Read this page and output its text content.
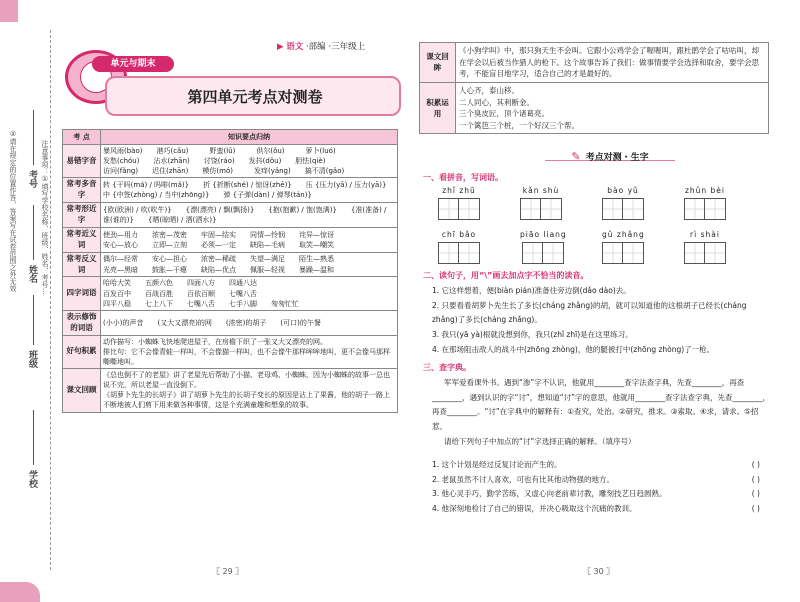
学校
班级
姓名
考号 注意事项：①填写学校名称、班级、姓名、考号…
②请在规定的位置作答，答案写在试卷范围之外无效
单元与期末
▶ 语文 ·部编 ·三年级上
第四单元考点对测卷
考 点	知识要点归纳
易错字音	暴风雨(bào)　　港巧(cǎu)　　　野蛮(lǔ)　　　供尔(ǒu)　　　萝卜(luó)
发愁(chóu)　　沾水(zhān)　　讨饶(ráo)　　发抖(dǒu)　　胆怯(qiè)
访问(fǎng)　　迟住(zhān)　　模仿(mó)　　　发痒(yǎng)　　搞不清(gǎo)

常考多音字	转 {干吗(má) / 吗啡(mǎ)}　　折 {折断(shé) / 惊讶(zhē)}　　压 {压力(yā) / 压力(yā)}　　中 {中签(zhòng) / 当中(zhōng)}　　弹 {子弹(dàn) / 弹琴(tán)}

常考形近字	{欧(欧洲) / 吹(吹牛)}　　{漂(漂亮) / 飘(飘扬)}　　{抱(抱歉) / 饱(饱满)}　　{准(准备) / 谁(谁的)}　　{晒(晾晒) / 洒(洒水)}

常考近义词	使劲—用力　　浓密—茂密　　牢固—结实　　同情—怜悯　　诧异—惊讶
安心—放心　　立即—立刻　　必须—一定　　缺陷—毛病　　取笑—嘲笑

常考反义词	偶尔—经常　　安心—担心　　浓密—稀疏　　失望—满足　　陌生—熟悉
光亮—黑暗　　鼓胀—干瘪　　缺陷—优点　　佩服—轻视　　暴躁—温和

四字词语	哈哈大笑　　五颜六色　　四面八方　　四通八达
百发百中　　百战百胜　　百依百顺　　七嘴八舌
四平八稳　　七上八下　　七嘴八舌　　七手八脚　　匆匆忙忙

表示修饰的词语	(小小)的声音　　(又大又漂亮)的网　　(浓密)的胡子　　(可口)的午餐

好句积累	动作描写：小蜘蛛飞快地爬进屋子，在房檐下织了一张又大又漂亮的网。
排比句：它不会像青蛙一样叫，不会像猫一样叫，也不会像牛那样哞哞地叫，更不会像马那样嘶嘶地叫。

课文回顾	《总也倒不了的老屋》讲了老屋先后帮助了小猫、老母鸡、小蜘蛛，因为小蜘蛛的故事一总也说不完，所以老屋一直没倒下。
《胡萝卜先生的长胡子》讲了胡萝卜先生的长胡子变长的原因是沾上了果酱，他的胡子一路上不断地被人们剪下用来做各种事情，这是个充满童趣和想象的故事。
〖 29 〗
课文回眸	《小狗学叫》中，那只狗天生不会叫。它跟小公鸡学会了喔喔叫，跟杜鹃学会了咕咕叫，却在学会以后被当作猎人的枪下。这个故事告诉了我们：做事情要学会选择和取舍，要学会思考，不能盲目地学习，适合自己的才是最好的。

积累运用	人心齐，泰山移。
二人同心，其利断金。
三个臭皮匠，顶个诸葛亮。
一个篱笆三个桩，一个好汉三个帮。
✎ 考点对测・生字
一、看拼音，写词语。
zhǐ zhū	kǎn shù	bào yǔ	zhǔn bèi
chī bǎo	piāo liang	gǔ zhǎng	rì shài
二、读句子，用“\”画去加点字不恰当的读音。
1. 它这样想着，便(biàn pián)准备往旁边倒(dǎo dào)去。
2. 只要看看胡萝卜先生长了多长(cháng zhǎng)的胡，就可以知道他的这根胡子已经长(cháng zhǎng)了多长(cháng zhǎng)。
3. 我只(yā yà)根就没想到你，我只(zhǐ zhī)是在这里练习。
4. 在那场阻击敌人的战斗中(zhōng zhòng)，他的腿被打中(zhōng zhòng)了一枪。
三、查字典。
军军爱看课外书。遇到“渗”字不认识，他就用________查字法查字典，先查________，再查________，遇到认识的字“讨”，想知道“讨”字的意思，他就用________查字法查字典，先查________，再查________。“讨”在字典中的解释有：①查究，处治。②研究，推求。③索取。④求，请求。⑤招惹。
请给下列句子中加点的“讨”字选择正确的解释。（填序号）
1. 这个计划是经过反复讨论而产生的。	( )
2. 老鼠虽然不讨人喜欢，可也有比其他动物强的地方。	( )
3. 他心灵手巧，勤学苦练，又虚心向老前辈讨教，雕刻技艺日趋圆熟。	( )
4. 他深刻地检讨了自己的错误，并决心吸取这个沉痛的教训。	( )
〖 30 〗
